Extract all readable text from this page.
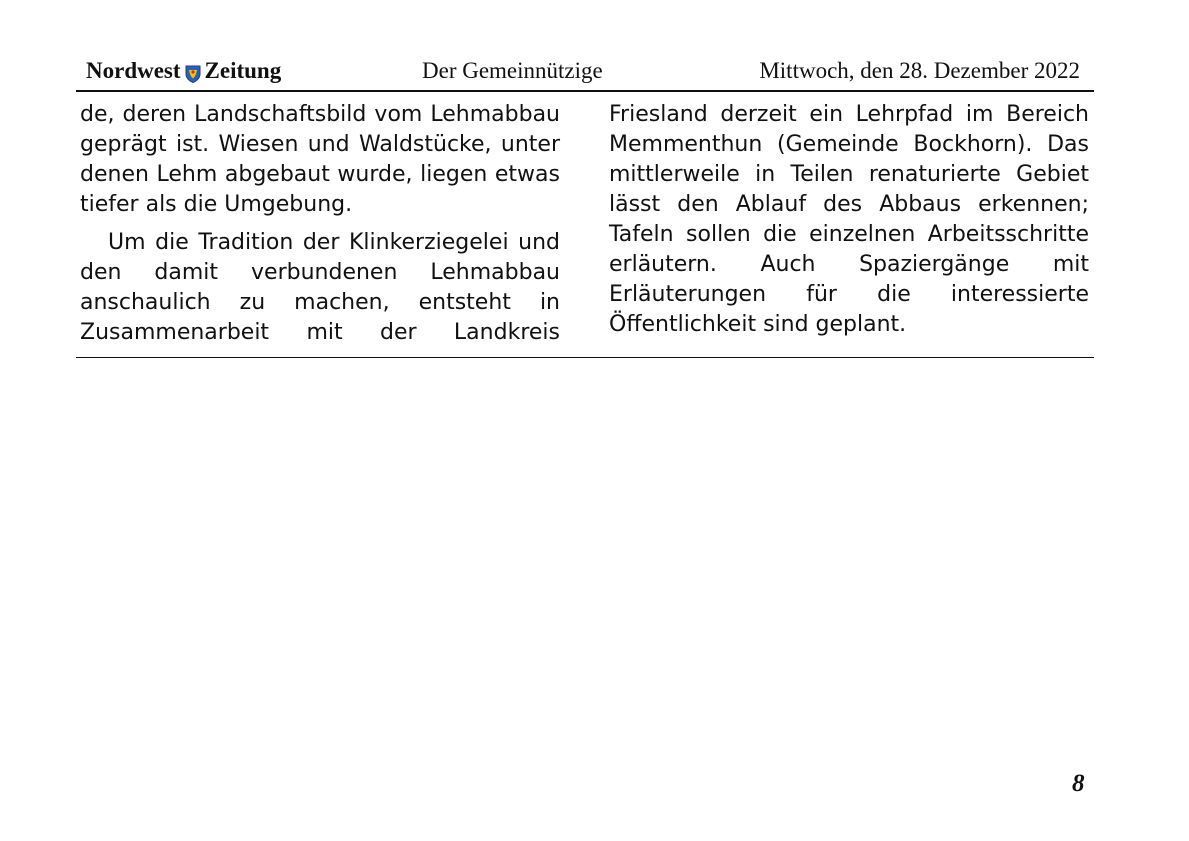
Nordwest Zeitung	Der Gemeinnützige	Mittwoch, den 28. Dezember 2022

de, deren Landschaftsbild vom Lehmabbau geprägt ist. Wiesen und Waldstücke, unter denen Lehm abgebaut wurde, liegen etwas tiefer als die Umgebung.

Um die Tradition der Klinkerziegelei und den damit verbundenen Lehmabbau anschaulich zu machen, entsteht in Zusammenarbeit mit der Landkreis

Friesland derzeit ein Lehrpfad im Bereich Memmenthun (Gemeinde Bockhorn). Das mittlerweile in Teilen renaturierte Gebiet lässt den Ablauf des Abbaus erkennen; Tafeln sollen die einzelnen Arbeitsschritte erläutern. Auch Spaziergänge mit Erläuterungen für die interessierte Öffentlichkeit sind geplant.

8
